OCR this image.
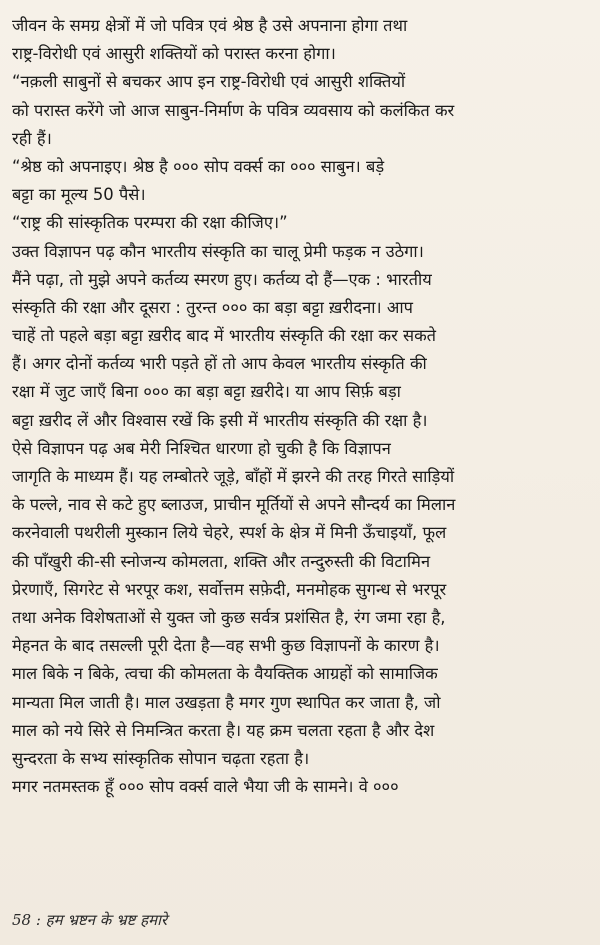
जीवन के समग्र क्षेत्रों में जो पवित्र एवं श्रेष्ठ है उसे अपनाना होगा तथा
राष्ट्र-विरोधी एवं आसुरी शक्तियों को परास्त करना होगा।
“नक़ली साबुनों से बचकर आप इन राष्ट्र-विरोधी एवं आसुरी शक्तियों
को परास्त करेंगे जो आज साबुन-निर्माण के पवित्र व्यवसाय को कलंकित कर
रही हैं।
“श्रेष्ठ को अपनाइए। श्रेष्ठ है ००० सोप वर्क्स का ००० साबुन। बड़े
बट्टा का मूल्य 50 पैसे।
“राष्ट्र की सांस्कृतिक परम्परा की रक्षा कीजिए।”
उक्त विज्ञापन पढ़ कौन भारतीय संस्कृति का चालू प्रेमी फड़क न उठेगा।
मैंने पढ़ा, तो मुझे अपने कर्तव्य स्मरण हुए। कर्तव्य दो हैं—एक : भारतीय
संस्कृति की रक्षा और दूसरा : तुरन्त ००० का बड़ा बट्टा ख़रीदना। आप
चाहें तो पहले बड़ा बट्टा ख़रीद बाद में भारतीय संस्कृति की रक्षा कर सकते
हैं। अगर दोनों कर्तव्य भारी पड़ते हों तो आप केवल भारतीय संस्कृति की
रक्षा में जुट जाएँ बिना ००० का बड़ा बट्टा ख़रीदे। या आप सिर्फ़ बड़ा
बट्टा ख़रीद लें और विश्वास रखें कि इसी में भारतीय संस्कृति की रक्षा है।
ऐसे विज्ञापन पढ़ अब मेरी निश्चित धारणा हो चुकी है कि विज्ञापन
जागृति के माध्यम हैं। यह लम्बोतरे जूड़े, बाँहों में झरने की तरह गिरते साड़ियों
के पल्ले, नाव से कटे हुए ब्लाउज, प्राचीन मूर्तियों से अपने सौन्दर्य का मिलान
करनेवाली पथरीली मुस्कान लिये चेहरे, स्पर्श के क्षेत्र में मिनी ऊँचाइयाँ, फूल
की पाँखुरी की-सी स्नोजन्य कोमलता, शक्ति और तन्दुरुस्ती की विटामिन
प्रेरणाएँ, सिगरेट से भरपूर कश, सर्वोत्तम सफ़ेदी, मनमोहक सुगन्ध से भरपूर
तथा अनेक विशेषताओं से युक्त जो कुछ सर्वत्र प्रशंसित है, रंग जमा रहा है,
मेहनत के बाद तसल्ली पूरी देता है—वह सभी कुछ विज्ञापनों के कारण है।
माल बिके न बिके, त्वचा की कोमलता के वैयक्तिक आग्रहों को सामाजिक
मान्यता मिल जाती है। माल उखड़ता है मगर गुण स्थापित कर जाता है, जो
माल को नये सिरे से निमन्त्रित करता है। यह क्रम चलता रहता है और देश
सुन्दरता के सभ्य सांस्कृतिक सोपान चढ़ता रहता है।
मगर नतमस्तक हूँ ००० सोप वर्क्स वाले भैया जी के सामने। वे ०००
58 : हम भ्रष्टन के भ्रष्ट हमारे
